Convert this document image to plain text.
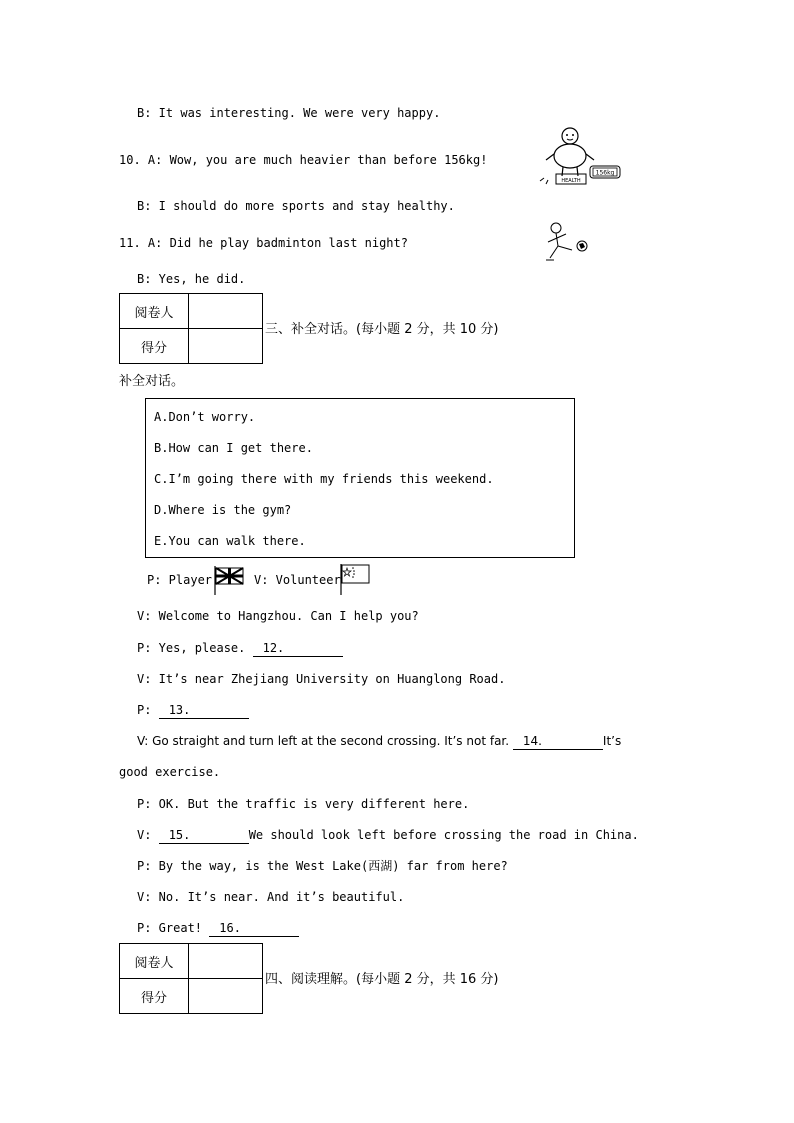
B: It was interesting. We were very happy.
10. A: Wow, you are much heavier than before 156kg!
B: I should do more sports and stay healthy.
11. A: Did he play badminton last night?
B: Yes, he did.
HEALTH
156kg
阅卷人	
得分	
三、补全对话。(每小题 2 分，共 10 分)
补全对话。
A.Don’t worry.
B.How can I get there.
C.I’m going there with my friends this weekend.
D.Where is the gym?
E.You can walk there.
P: Player	V: Volunteer
V: Welcome to Hangzhou. Can I help you?
P: Yes, please. 12.
V: It’s near Zhejiang University on Huanglong Road.
P: 13.
V: Go straight and turn left at the second crossing. It’s not far. 14.	It’s
good exercise.
P: OK. But the traffic is very different here.
V: 15.	We should look left before crossing the road in China.
P: By the way, is the West Lake(西湖) far from here?
V: No. It’s near. And it’s beautiful.
P: Great! 16.
阅卷人	
得分	
四、阅读理解。(每小题 2 分，共 16 分)
